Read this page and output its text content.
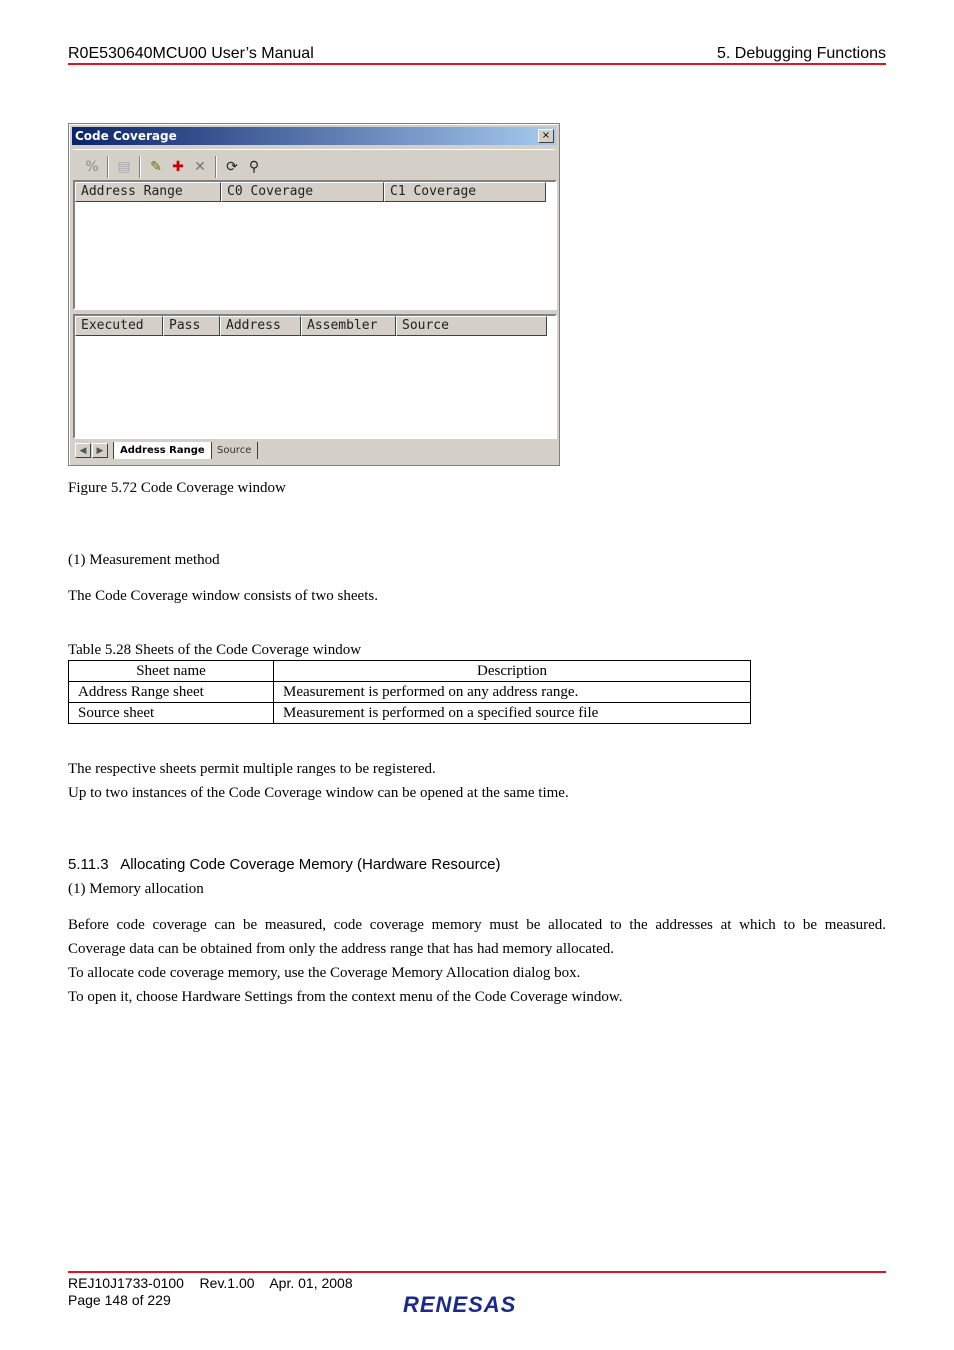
R0E530640MCU00 User’s Manual	5. Debugging Functions
Code Coverage	×
% ▤ ✎ ✚ ✕ ⟳ ⚲
Address Range	C0 Coverage	C1 Coverage
Executed	Pass	Address	Assembler	Source
◀	▶	Address Range	Source
Figure 5.72 Code Coverage window
(1) Measurement method
The Code Coverage window consists of two sheets.
Table 5.28 Sheets of the Code Coverage window
Sheet name	Description
Address Range sheet	Measurement is performed on any address range.
Source sheet	Measurement is performed on a specified source file
The respective sheets permit multiple ranges to be registered.
Up to two instances of the Code Coverage window can be opened at the same time.
5.11.3 Allocating Code Coverage Memory (Hardware Resource)
(1) Memory allocation
Before code coverage can be measured, code coverage memory must be allocated to the addresses at which to be measured.
Coverage data can be obtained from only the address range that has had memory allocated.
To allocate code coverage memory, use the Coverage Memory Allocation dialog box.
To open it, choose Hardware Settings from the context menu of the Code Coverage window.
REJ10J1733-0100 Rev.1.00 Apr. 01, 2008
Page 148 of 229	RENESAS
